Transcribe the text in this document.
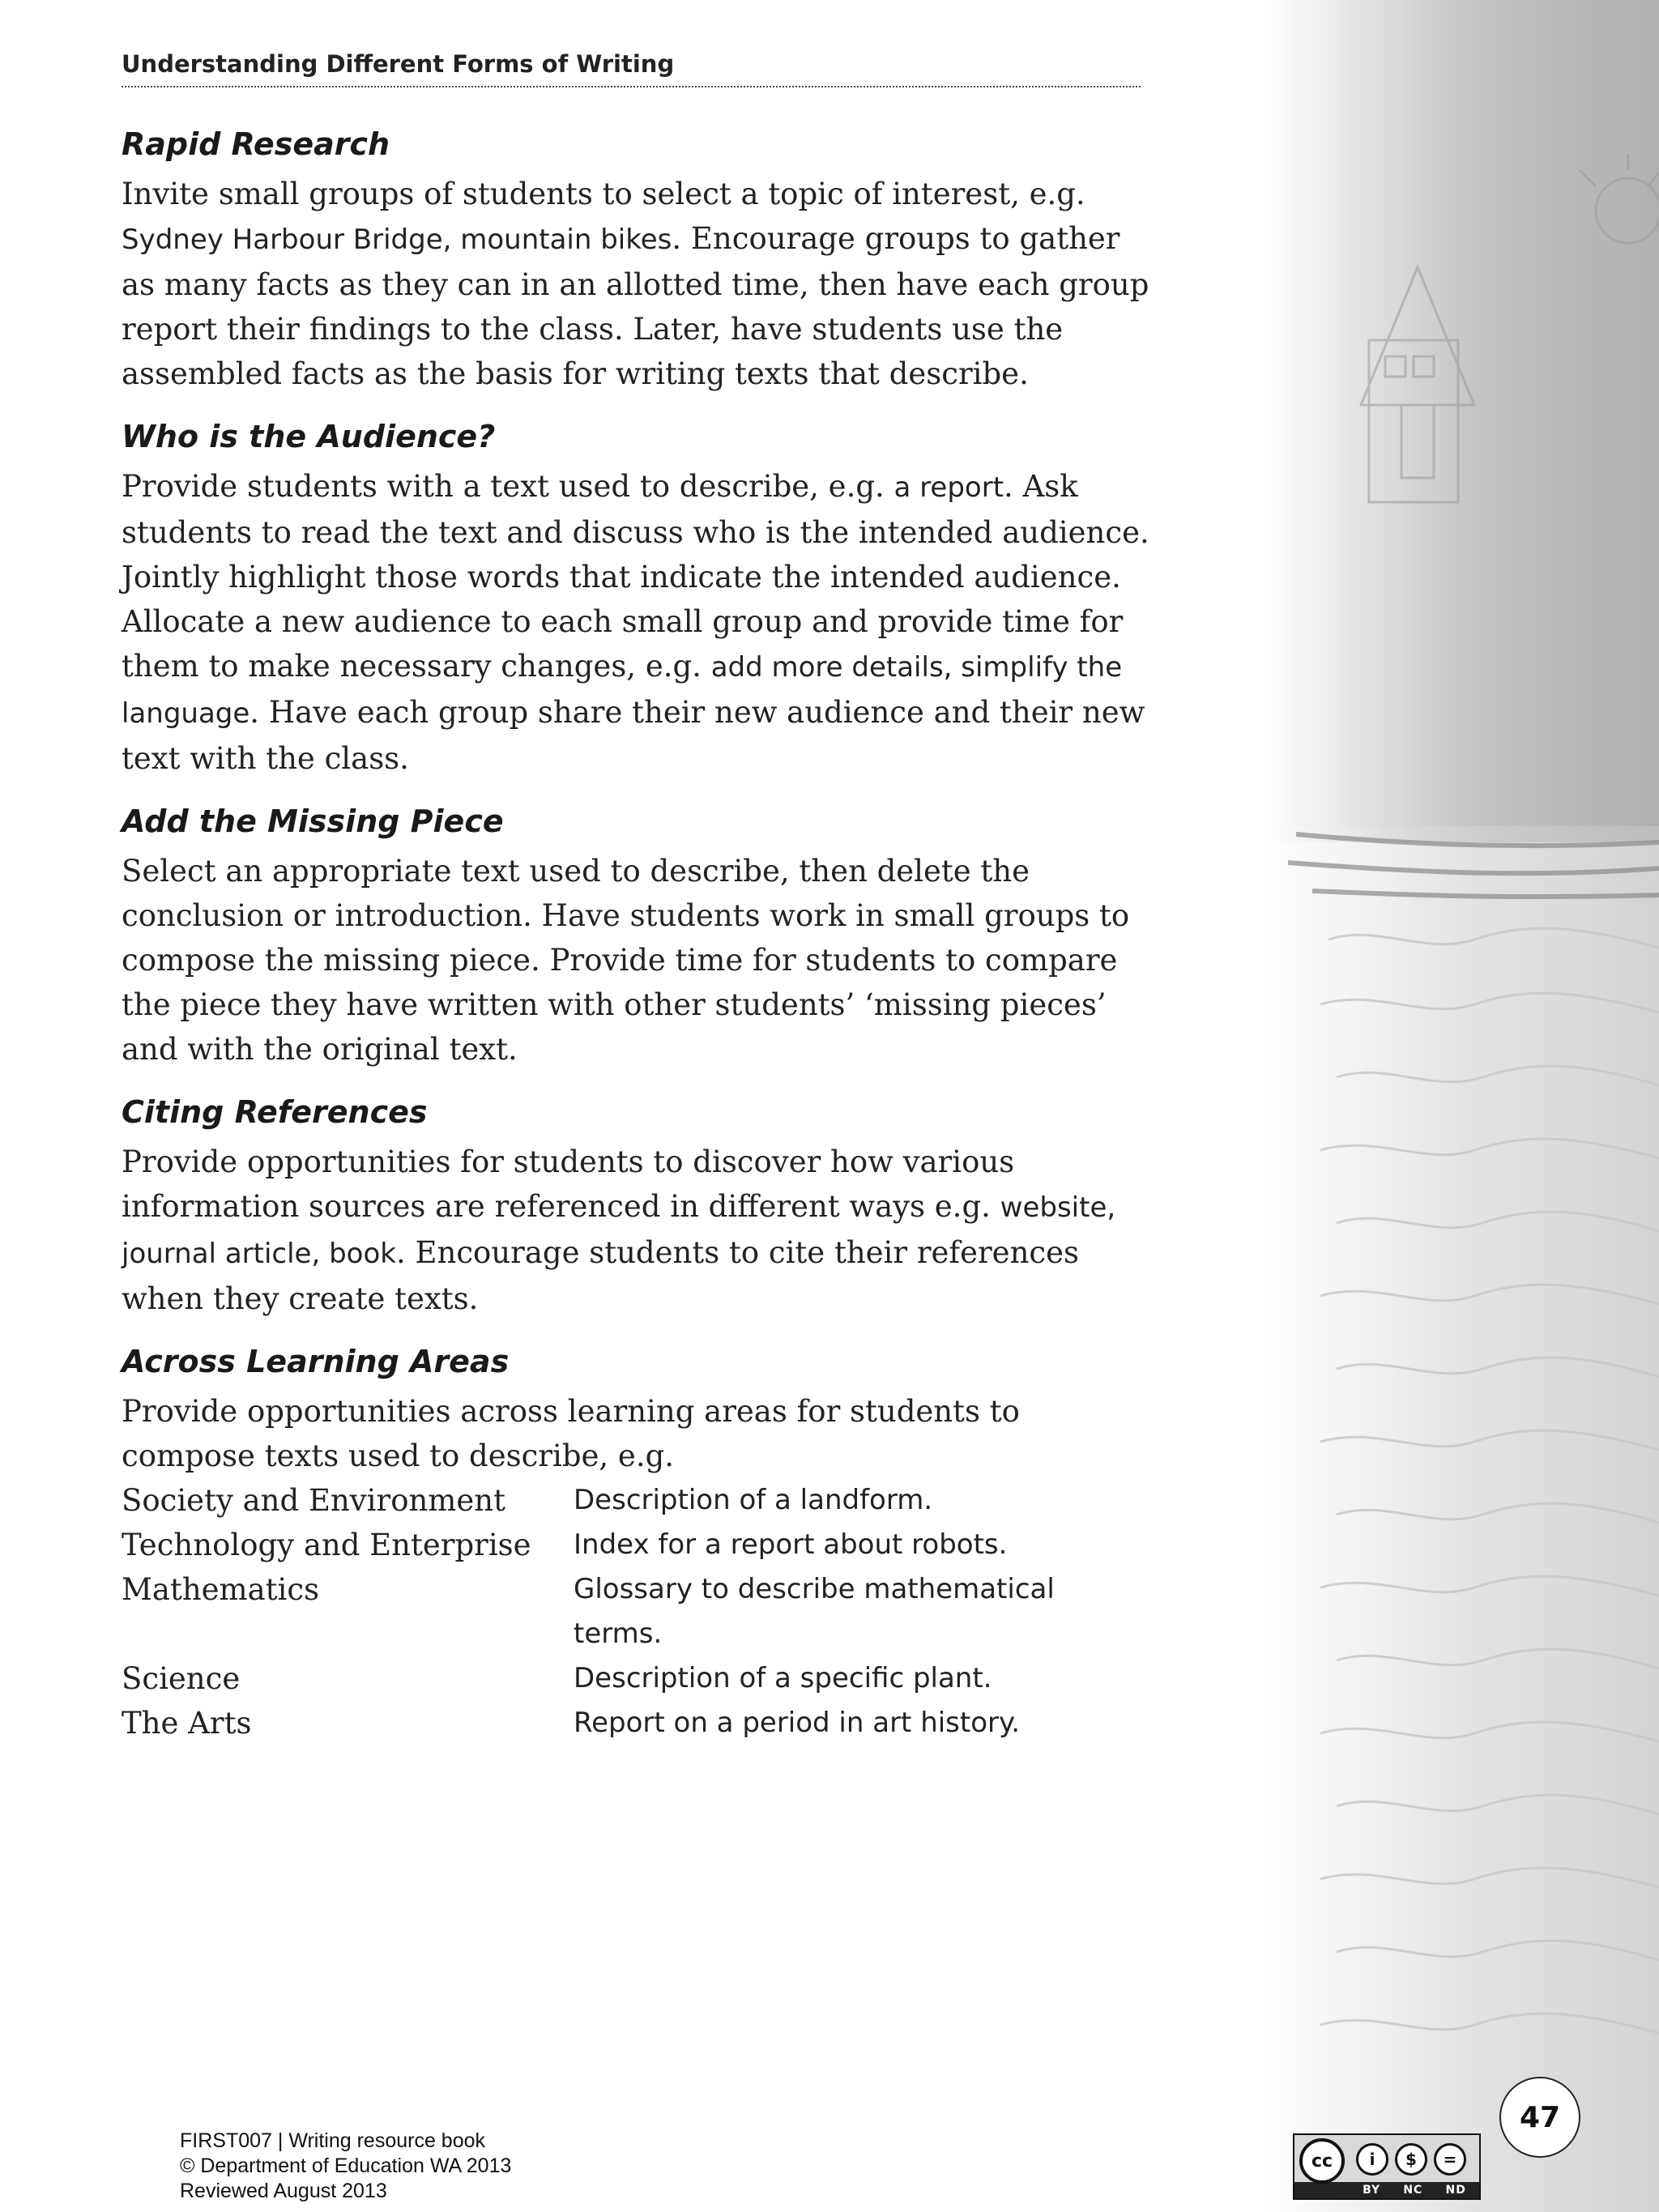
Understanding Different Forms of Writing
Rapid Research

Invite small groups of students to select a topic of interest, e.g. Sydney Harbour Bridge, mountain bikes. Encourage groups to gather as many facts as they can in an allotted time, then have each group report their findings to the class. Later, have students use the assembled facts as the basis for writing texts that describe.

Who is the Audience?

Provide students with a text used to describe, e.g. a report. Ask students to read the text and discuss who is the intended audience. Jointly highlight those words that indicate the intended audience. Allocate a new audience to each small group and provide time for them to make necessary changes, e.g. add more details, simplify the language. Have each group share their new audience and their new text with the class.

Add the Missing Piece

Select an appropriate text used to describe, then delete the conclusion or introduction. Have students work in small groups to compose the missing piece. Provide time for students to compare the piece they have written with other students’ ‘missing pieces’ and with the original text.

Citing References

Provide opportunities for students to discover how various information sources are referenced in different ways e.g. website, journal article, book. Encourage students to cite their references when they create texts.

Across Learning Areas

Provide opportunities across learning areas for students to compose texts used to describe, e.g.

Society and Environment	Description of a landform.
Technology and Enterprise	Index for a report about robots.
Mathematics	Glossary to describe mathematical terms.
Science	Description of a specific plant.
The Arts	Report on a period in art history.
47
FIRST007 | Writing resource book
© Department of Education WA 2013
Reviewed August 2013
cc	i	$	=
BY NC ND
